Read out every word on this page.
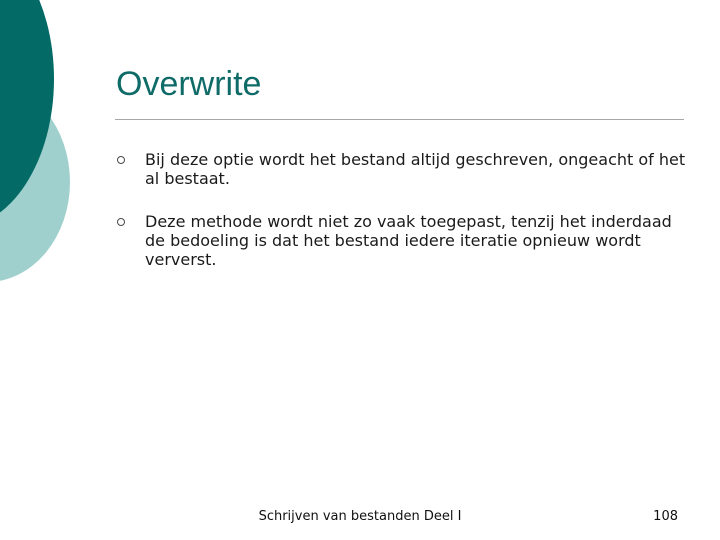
Overwrite
Bij deze optie wordt het bestand altijd geschreven, ongeacht of het al bestaat.
Deze methode wordt niet zo vaak toegepast, tenzij het inderdaad de bedoeling is dat het bestand iedere iteratie opnieuw wordt ververst.
Schrijven van bestanden Deel I	108
